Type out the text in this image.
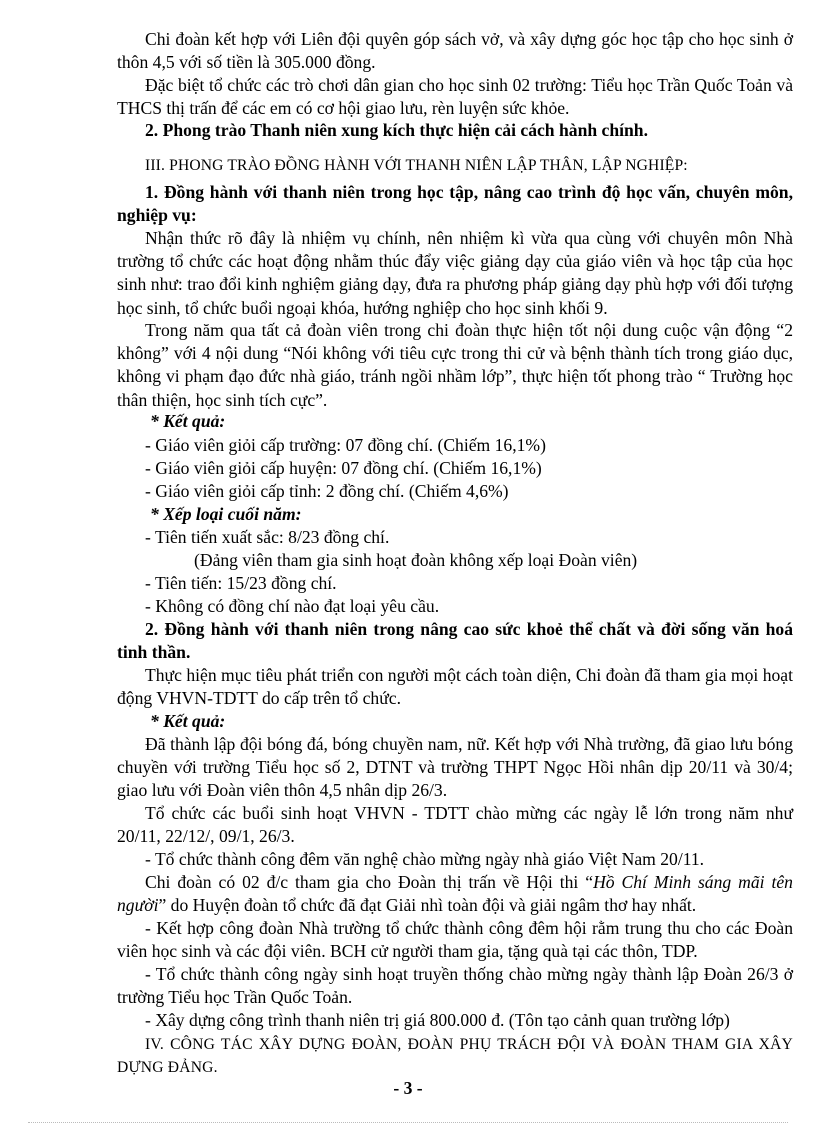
Chi đoàn kết hợp với Liên đội quyên góp sách vở, và xây dựng góc học tập cho học sinh ở thôn 4,5 với số tiền là 305.000 đồng.

Đặc biệt tổ chức các trò chơi dân gian cho học sinh 02 trường: Tiểu học Trần Quốc Toản và THCS thị trấn để các em có cơ hội giao lưu, rèn luyện sức khỏe.

2. Phong trào Thanh niên xung kích thực hiện cải cách hành chính.

III. PHONG TRÀO ĐỒNG HÀNH VỚI THANH NIÊN LẬP THÂN, LẬP NGHIỆP:

1. Đồng hành với thanh niên trong học tập, nâng cao trình độ học vấn, chuyên môn, nghiệp vụ:

Nhận thức rõ đây là nhiệm vụ chính, nên nhiệm kì vừa qua cùng với chuyên môn Nhà trường tổ chức các hoạt động nhằm thúc đẩy việc giảng dạy của giáo viên và học tập của học sinh như: trao đổi kinh nghiệm giảng dạy, đưa ra phương pháp giảng dạy phù hợp với đối tượng học sinh, tổ chức buổi ngoại khóa, hướng nghiệp cho học sinh khối 9.

Trong năm qua tất cả đoàn viên trong chi đoàn thực hiện tốt nội dung cuộc vận động “2 không” với 4 nội dung “Nói không với tiêu cực trong thi cử và bệnh thành tích trong giáo dục, không vi phạm đạo đức nhà giáo, tránh ngồi nhầm lớp”, thực hiện tốt phong trào “ Trường học thân thiện, học sinh tích cực”.

* Kết quả:

- Giáo viên giỏi cấp trường: 07 đồng chí. (Chiếm 16,1%)

- Giáo viên giỏi cấp huyện: 07 đồng chí. (Chiếm 16,1%)

- Giáo viên giỏi cấp tỉnh: 2 đồng chí. (Chiếm 4,6%)

* Xếp loại cuối năm:

- Tiên tiến xuất sắc: 8/23 đồng chí.

(Đảng viên tham gia sinh hoạt đoàn không xếp loại Đoàn viên)

- Tiên tiến: 15/23 đồng chí.

- Không có đồng chí nào đạt loại yêu cầu.

2. Đồng hành với thanh niên trong nâng cao sức khoẻ thể chất và đời sống văn hoá tinh thần.

Thực hiện mục tiêu phát triển con người một cách toàn diện, Chi đoàn đã tham gia mọi hoạt động VHVN-TDTT do cấp trên tổ chức.

* Kết quả:

Đã thành lập đội bóng đá, bóng chuyền nam, nữ. Kết hợp với Nhà trường, đã giao lưu bóng chuyền với trường Tiểu học số 2, DTNT và trường THPT Ngọc Hồi nhân dịp 20/11 và 30/4; giao lưu với Đoàn viên thôn 4,5 nhân dịp 26/3.

Tổ chức các buổi sinh hoạt VHVN - TDTT chào mừng các ngày lễ lớn trong năm như 20/11, 22/12/, 09/1, 26/3.

- Tổ chức thành công đêm văn nghệ chào mừng ngày nhà giáo Việt Nam 20/11.

Chi đoàn có 02 đ/c tham gia cho Đoàn thị trấn về Hội thi “Hồ Chí Minh sáng mãi tên người” do Huyện đoàn tổ chức đã đạt Giải nhì toàn đội và giải ngâm thơ hay nhất.

- Kết hợp công đoàn Nhà trường tổ chức thành công đêm hội rằm trung thu cho các Đoàn viên học sinh và các đội viên. BCH cử người tham gia, tặng quà tại các thôn, TDP.

- Tổ chức thành công ngày sinh hoạt truyền thống chào mừng ngày thành lập Đoàn 26/3 ở trường Tiểu học Trần Quốc Toản.

- Xây dựng công trình thanh niên trị giá 800.000 đ. (Tôn tạo cảnh quan trường lớp)

IV. CÔNG TÁC XÂY DỰNG ĐOÀN, ĐOÀN PHỤ TRÁCH ĐỘI VÀ ĐOÀN THAM GIA XÂY DỰNG ĐẢNG.

- 3 -
